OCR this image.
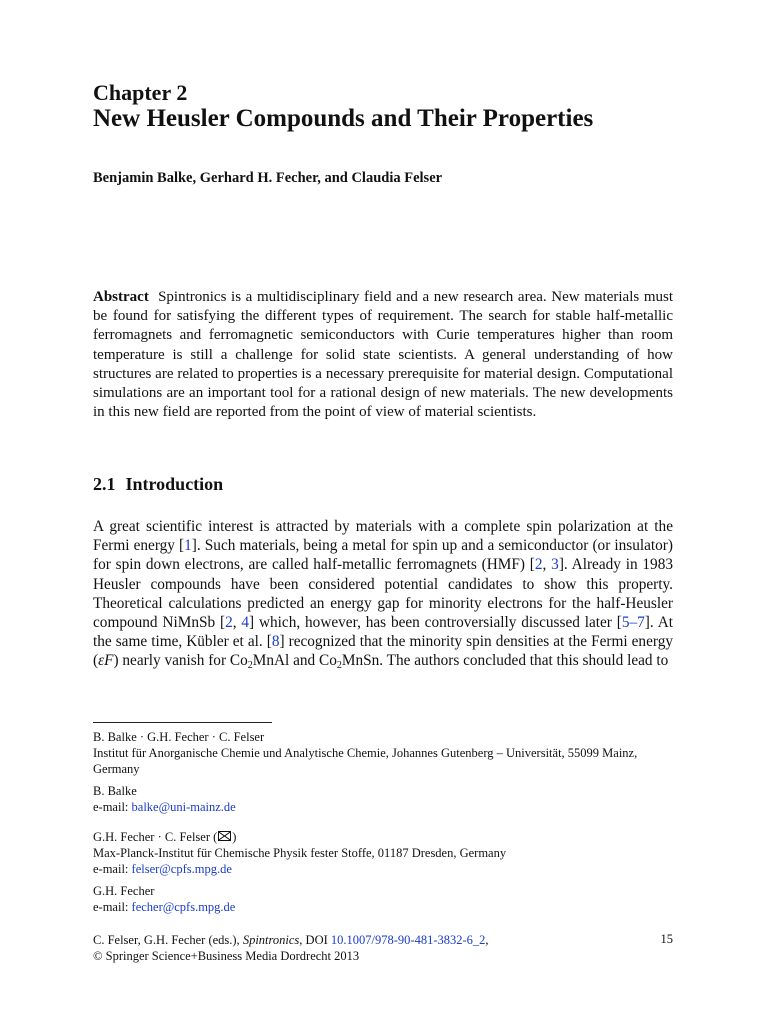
Chapter 2
New Heusler Compounds and Their Properties
Benjamin Balke, Gerhard H. Fecher, and Claudia Felser
Abstract Spintronics is a multidisciplinary field and a new research area. New materials must be found for satisfying the different types of requirement. The search for stable half-metallic ferromagnets and ferromagnetic semiconductors with Curie temperatures higher than room temperature is still a challenge for solid state scientists. A general understanding of how structures are related to properties is a necessary prerequisite for material design. Computational simulations are an important tool for a rational design of new materials. The new developments in this new field are reported from the point of view of material scientists.
2.1 Introduction
A great scientific interest is attracted by materials with a complete spin polarization at the Fermi energy [1]. Such materials, being a metal for spin up and a semiconductor (or insulator) for spin down electrons, are called half-metallic ferromagnets (HMF) [2, 3]. Already in 1983 Heusler compounds have been considered potential candidates to show this property. Theoretical calculations predicted an energy gap for minority electrons for the half-Heusler compound NiMnSb [2, 4] which, however, has been controversially discussed later [5–7]. At the same time, Kübler et al. [8] recognized that the minority spin densities at the Fermi energy (εF) nearly vanish for $Co_2MnAl$ and $Co_2MnSn$. The authors concluded that this should lead to
B. Balke · G.H. Fecher · C. Felser
Institut für Anorganische Chemie und Analytische Chemie, Johannes Gutenberg – Universität, 55099 Mainz, Germany
B. Balke
e-mail: balke@uni-mainz.de
G.H. Fecher · C. Felser ( )
Max-Planck-Institut für Chemische Physik fester Stoffe, 01187 Dresden, Germany
e-mail: felser@cpfs.mpg.de
G.H. Fecher
e-mail: fecher@cpfs.mpg.de
C. Felser, G.H. Fecher (eds.), Spintronics, DOI 10.1007/978-90-481-3832-6_2,
© Springer Science+Business Media Dordrecht 2013
15
